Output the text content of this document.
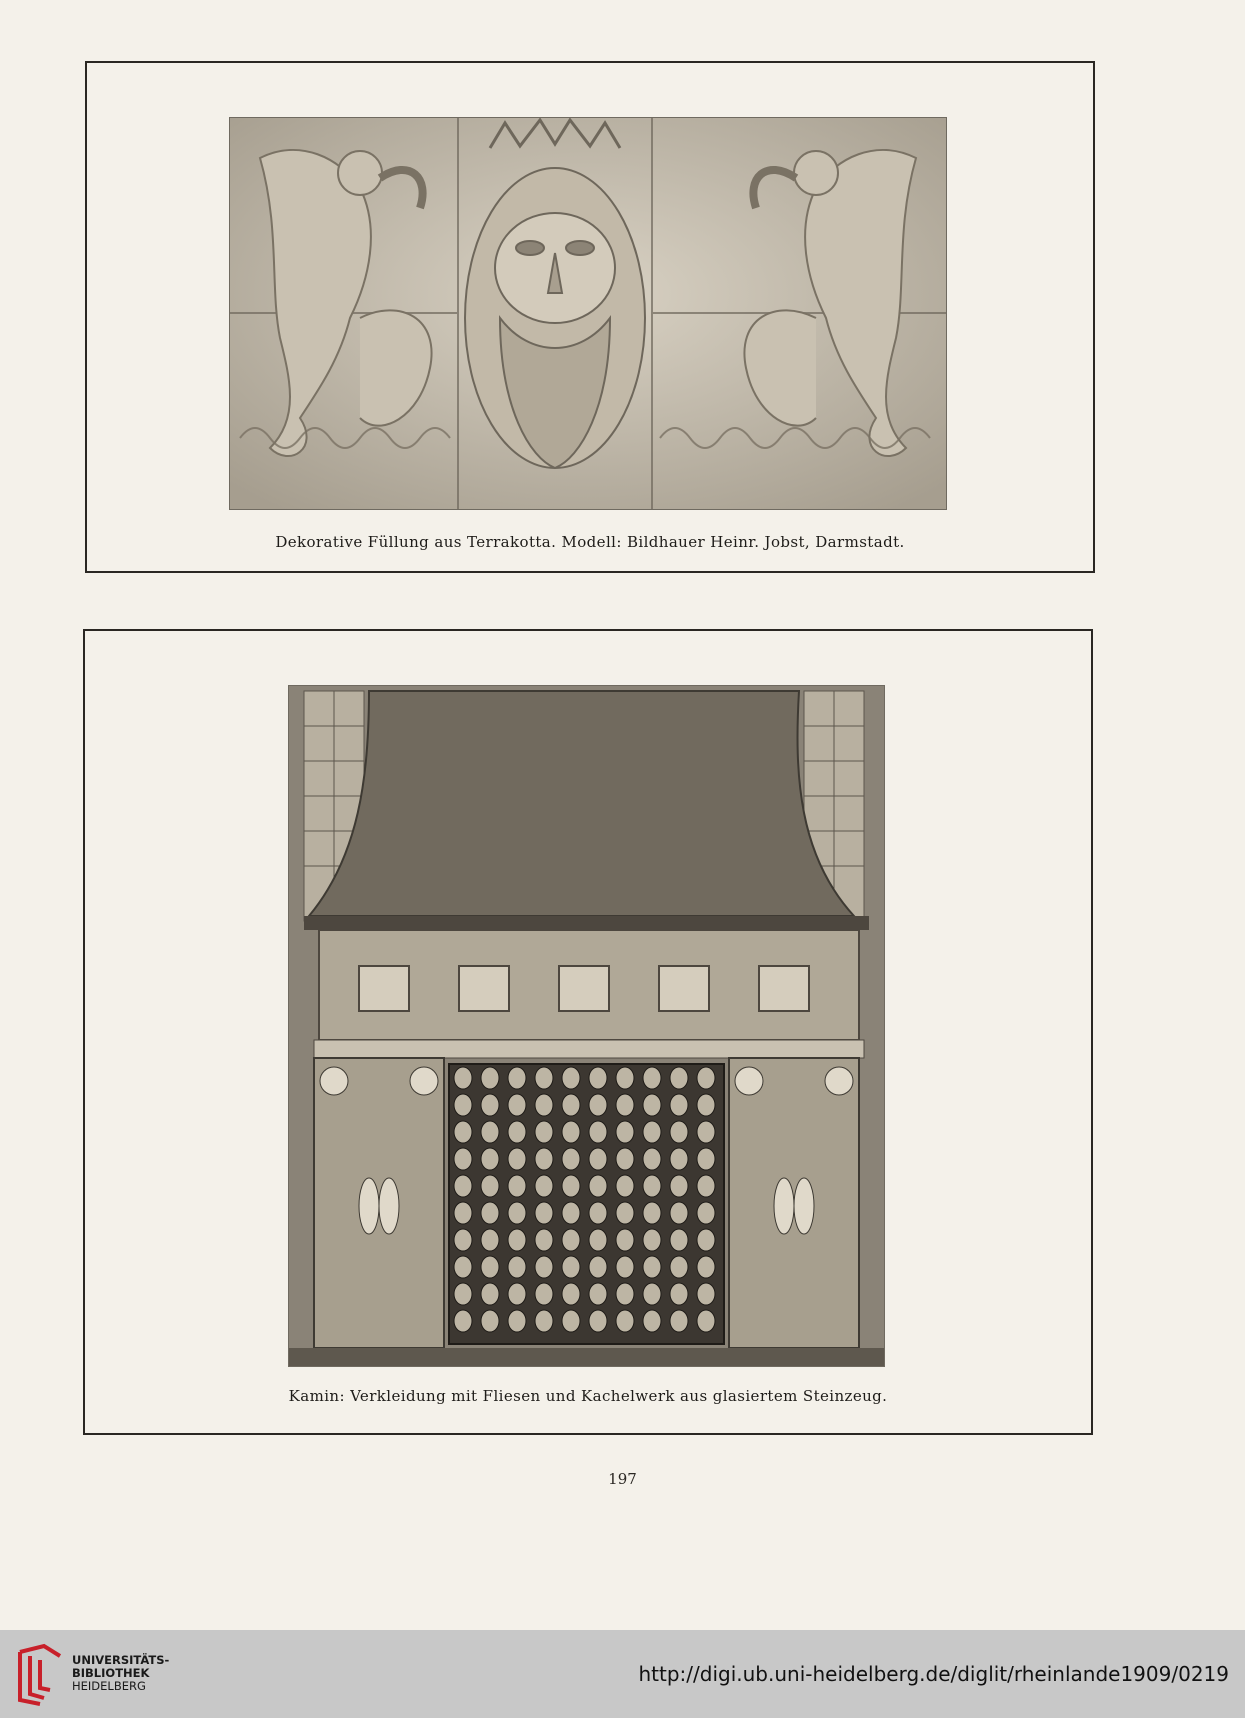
Dekorative Füllung aus Terrakotta. Modell: Bildhauer Heinr. Jobst, Darmstadt.
Kamin: Verkleidung mit Fliesen und Kachelwerk aus glasiertem Steinzeug.
197
UNIVERSITÄTS-
BIBLIOTHEK
HEIDELBERG	http://digi.ub.uni-heidelberg.de/diglit/rheinlande1909/0219
